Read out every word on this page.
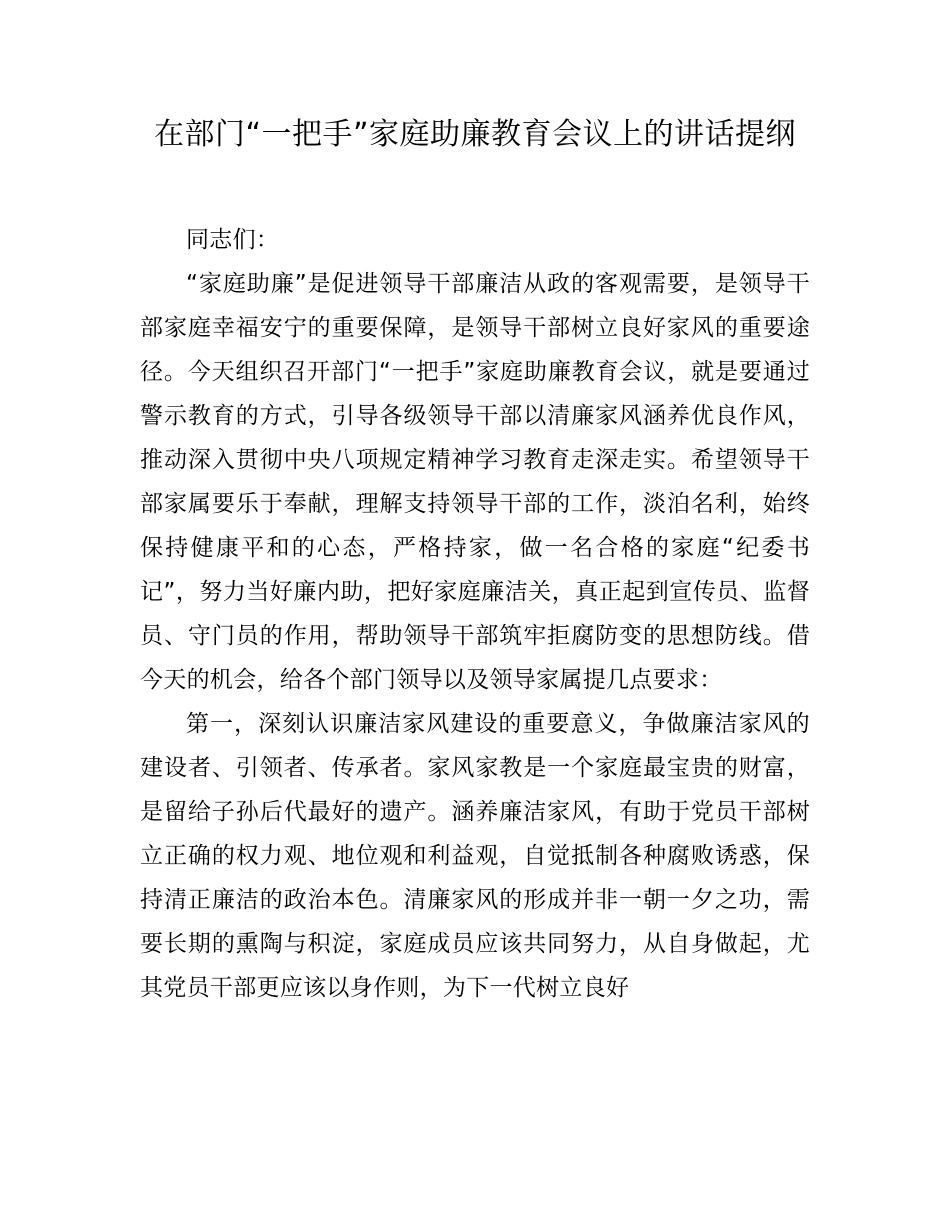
在部门“一把手”家庭助廉教育会议上的讲话提纲

同志们：

“家庭助廉”是促进领导干部廉洁从政的客观需要，是领导干部家庭幸福安宁的重要保障，是领导干部树立良好家风的重要途径。今天组织召开部门“一把手”家庭助廉教育会议，就是要通过警示教育的方式，引导各级领导干部以清廉家风涵养优良作风，推动深入贯彻中央八项规定精神学习教育走深走实。希望领导干部家属要乐于奉献，理解支持领导干部的工作，淡泊名利，始终保持健康平和的心态，严格持家，做一名合格的家庭“纪委书记”，努力当好廉内助，把好家庭廉洁关，真正起到宣传员、监督员、守门员的作用，帮助领导干部筑牢拒腐防变的思想防线。借今天的机会，给各个部门领导以及领导家属提几点要求：

第一，深刻认识廉洁家风建设的重要意义，争做廉洁家风的建设者、引领者、传承者。家风家教是一个家庭最宝贵的财富，是留给子孙后代最好的遗产。涵养廉洁家风，有助于党员干部树立正确的权力观、地位观和利益观，自觉抵制各种腐败诱惑，保持清正廉洁的政治本色。清廉家风的形成并非一朝一夕之功，需要长期的熏陶与积淀，家庭成员应该共同努力，从自身做起，尤其党员干部更应该以身作则，为下一代树立良好
